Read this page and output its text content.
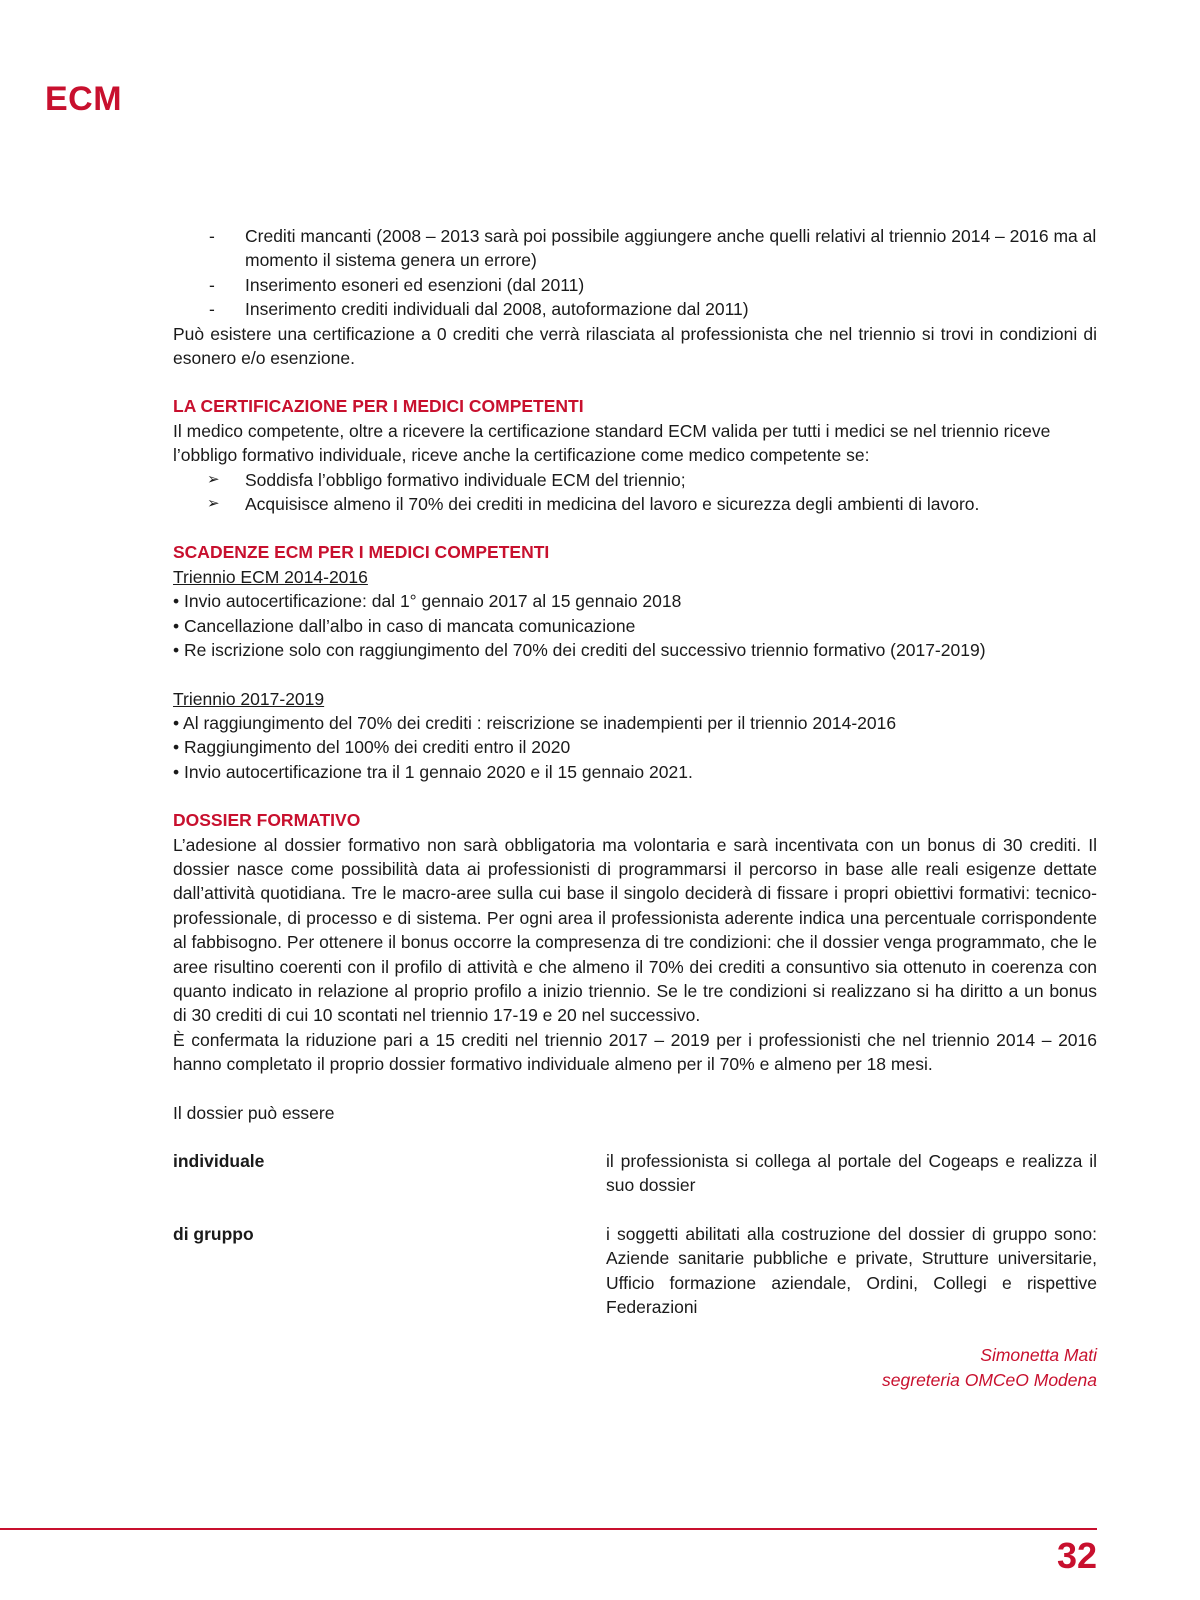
ECM
- Crediti mancanti (2008 – 2013 sarà poi possibile aggiungere anche quelli relativi al triennio 2014 – 2016 ma al momento il sistema genera un errore)
- Inserimento esoneri ed esenzioni (dal 2011)
- Inserimento crediti individuali dal 2008, autoformazione dal 2011)
Può esistere una certificazione a 0 crediti che verrà rilasciata al professionista che nel triennio si trovi in condizioni di esonero e/o esenzione.
LA CERTIFICAZIONE PER I MEDICI COMPETENTI
Il medico competente, oltre a ricevere la certificazione standard ECM valida per tutti i medici se nel triennio riceve l’obbligo formativo individuale, riceve anche la certificazione come medico competente se:
➢ Soddisfa l’obbligo formativo individuale ECM del triennio;
➢ Acquisisce almeno il 70% dei crediti in medicina del lavoro e sicurezza degli ambienti di lavoro.
SCADENZE ECM PER I MEDICI COMPETENTI
Triennio ECM 2014-2016
• Invio autocertificazione: dal 1° gennaio 2017 al 15 gennaio 2018
• Cancellazione dall’albo in caso di mancata comunicazione
• Re iscrizione solo con raggiungimento del 70% dei crediti del successivo triennio formativo (2017-2019)
Triennio 2017-2019
• Al raggiungimento del 70% dei crediti : reiscrizione se inadempienti per il triennio 2014-2016
• Raggiungimento del 100% dei crediti entro il 2020
• Invio autocertificazione tra il 1 gennaio 2020 e il 15 gennaio 2021.
DOSSIER FORMATIVO
L’adesione al dossier formativo non sarà obbligatoria ma volontaria e sarà incentivata con un bonus di 30 crediti. Il dossier nasce come possibilità data ai professionisti di programmarsi il percorso in base alle reali esigenze dettate dall’attività quotidiana. Tre le macro-aree sulla cui base il singolo deciderà di fissare i propri obiettivi formativi: tecnico-professionale, di processo e di sistema. Per ogni area il professionista aderente indica una percentuale corrispondente al fabbisogno. Per ottenere il bonus occorre la compresenza di tre condizioni: che il dossier venga programmato, che le aree risultino coerenti con il profilo di attività e che almeno il 70% dei crediti a consuntivo sia ottenuto in coerenza con quanto indicato in relazione al proprio profilo a inizio triennio. Se le tre condizioni si realizzano si ha diritto a un bonus di 30 crediti di cui 10 scontati nel triennio 17-19 e 20 nel successivo.
È confermata la riduzione pari a 15 crediti nel triennio 2017 – 2019 per i professionisti che nel triennio 2014 – 2016 hanno completato il proprio dossier formativo individuale almeno per il 70% e almeno per 18 mesi.
Il dossier può essere
individuale	il professionista si collega al portale del Cogeaps e realizza il suo dossier
di gruppo	i soggetti abilitati alla costruzione del dossier di gruppo sono: Aziende sanitarie pubbliche e private, Strutture universitarie, Ufficio formazione aziendale, Ordini, Collegi e rispettive Federazioni
Simonetta Mati
segreteria OMCeO Modena
32
